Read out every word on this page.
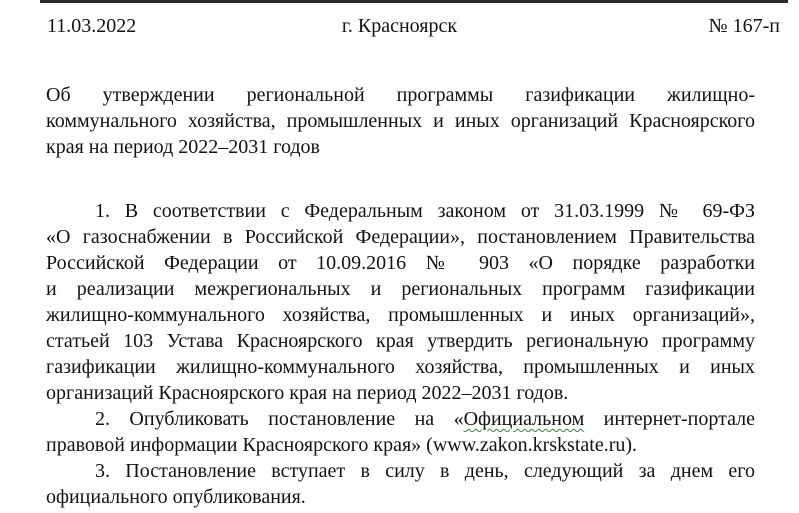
11.03.2022	г. Красноярск	№ 167-п
Об утверждении региональной программы газификации жилищно-
коммунального хозяйства, промышленных и иных организаций Красноярского
края на период 2022–2031 годов
1. В соответствии с Федеральным законом от 31.03.1999 № 69-ФЗ
«О газоснабжении в Российской Федерации», постановлением Правительства
Российской Федерации от 10.09.2016 № 903 «О порядке разработки
и реализации межрегиональных и региональных программ газификации
жилищно-коммунального хозяйства, промышленных и иных организаций»,
статьей 103 Устава Красноярского края утвердить региональную программу
газификации жилищно-коммунального хозяйства, промышленных и иных
организаций Красноярского края на период 2022–2031 годов.
2. Опубликовать постановление на «Официальном интернет-портале
правовой информации Красноярского края» (www.zakon.krskstate.ru).
3. Постановление вступает в силу в день, следующий за днем его
официального опубликования.
